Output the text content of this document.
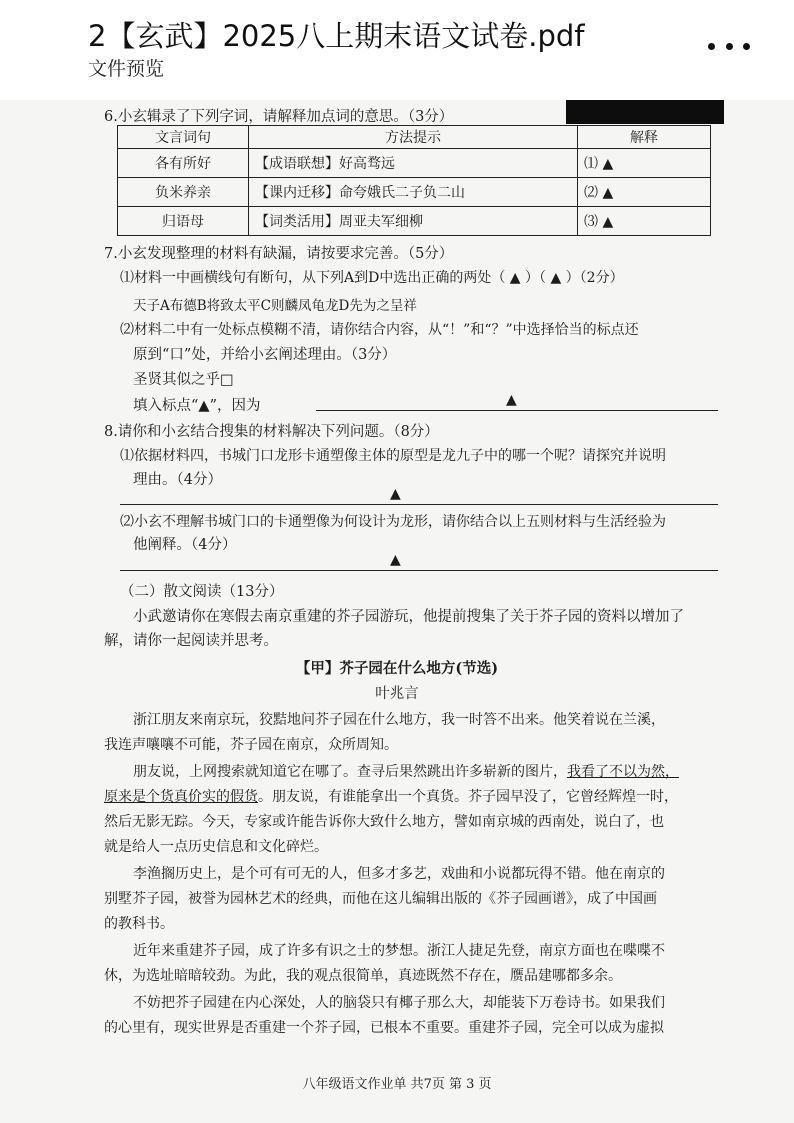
2【玄武】2025八上期末语文试卷.pdf
文件预览
6.小玄辑录了下列字词，请解释加点词的意思。（3分）
文言词句	方法提示	解释
各有所好	【成语联想】好高骛远	⑴ ▲
负米养亲	【课内迁移】命夸娥氏二子负二山	⑵ ▲
归语母	【词类活用】周亚夫军细柳	⑶ ▲
7.小玄发现整理的材料有缺漏，请按要求完善。（5分）
⑴材料一中画横线句有断句，从下列A到D中选出正确的两处（ ▲ ）（ ▲ ）（2分）
天子A布德B将致太平C则麟凤龟龙D先为之呈祥
⑵材料二中有一处标点模糊不清，请你结合内容，从“！”和“？”中选择恰当的标点还
原到“口”处，并给小玄阐述理由。（3分）
圣贤其似之乎□
填入标点“▲”，因为	▲
8.请你和小玄结合搜集的材料解决下列问题。（8分）
⑴依据材料四，书城门口龙形卡通塑像主体的原型是龙九子中的哪一个呢？请探究并说明
理由。（4分）
▲
⑵小玄不理解书城门口的卡通塑像为何设计为龙形，请你结合以上五则材料与生活经验为
他阐释。（4分）
▲
（二）散文阅读（13分）
小武邀请你在寒假去南京重建的芥子园游玩，他提前搜集了关于芥子园的资料以增加了
解，请你一起阅读并思考。
【甲】芥子园在什么地方(节选)
叶兆言
浙江朋友来南京玩，狡黠地问芥子园在什么地方，我一时答不出来。他笑着说在兰溪，
我连声嚷嚷不可能，芥子园在南京，众所周知。
朋友说，上网搜索就知道它在哪了。查寻后果然跳出许多崭新的图片，我看了不以为然，
原来是个货真价实的假货。朋友说，有谁能拿出一个真货。芥子园早没了，它曾经辉煌一时，
然后无影无踪。今天，专家或许能告诉你大致什么地方，譬如南京城的西南处，说白了，也
就是给人一点历史信息和文化碎烂。
李渔搁历史上，是个可有可无的人，但多才多艺，戏曲和小说都玩得不错。他在南京的
别墅芥子园，被誉为园林艺术的经典，而他在这儿编辑出版的《芥子园画谱》，成了中国画
的教科书。
近年来重建芥子园，成了许多有识之士的梦想。浙江人捷足先登，南京方面也在喋喋不
休，为选址暗暗较劲。为此，我的观点很简单，真迹既然不存在，赝品建哪都多余。
不妨把芥子园建在内心深处，人的脑袋只有椰子那么大，却能装下万卷诗书。如果我们
的心里有，现实世界是否重建一个芥子园，已根本不重要。重建芥子园，完全可以成为虚拟
八年级语文作业单 共7页 第 3 页
